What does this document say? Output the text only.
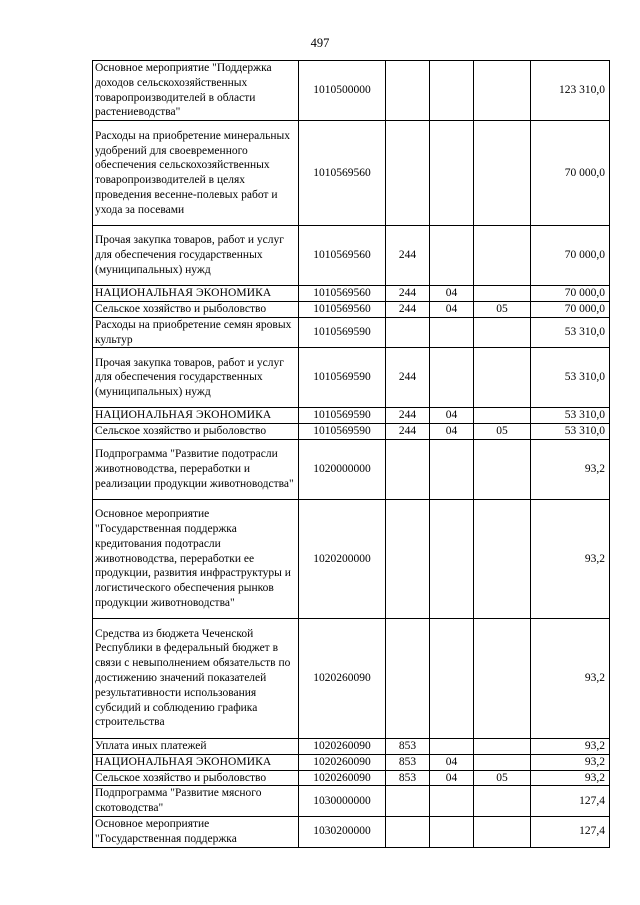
497
Основное мероприятие "Поддержка доходов сельскохозяйственных товаропроизводителей в области растениеводства"	1010500000				123 310,0
Расходы на приобретение минеральных удобрений для своевременного обеспечения сельскохозяйственных товаропроизводителей в целях проведения весенне-полевых работ и ухода за посевами	1010569560				70 000,0
Прочая закупка товаров, работ и услуг для обеспечения государственных (муниципальных) нужд	1010569560	244			70 000,0
НАЦИОНАЛЬНАЯ ЭКОНОМИКА	1010569560	244	04		70 000,0
Сельское хозяйство и рыболовство	1010569560	244	04	05	70 000,0
Расходы на приобретение семян яровых культур	1010569590				53 310,0
Прочая закупка товаров, работ и услуг для обеспечения государственных (муниципальных) нужд	1010569590	244			53 310,0
НАЦИОНАЛЬНАЯ ЭКОНОМИКА	1010569590	244	04		53 310,0
Сельское хозяйство и рыболовство	1010569590	244	04	05	53 310,0
Подпрограмма "Развитие подотрасли животноводства, переработки и реализации продукции животноводства"	1020000000				93,2
Основное мероприятие "Государственная поддержка кредитования подотрасли животноводства, переработки ее продукции, развития инфраструктуры и логистического обеспечения рынков продукции животноводства"	1020200000				93,2
Средства из бюджета Чеченской Республики в федеральный бюджет в связи с невыполнением обязательств по достижению значений показателей результативности использования субсидий и соблюдению графика строительства	1020260090				93,2
Уплата иных платежей	1020260090	853			93,2
НАЦИОНАЛЬНАЯ ЭКОНОМИКА	1020260090	853	04		93,2
Сельское хозяйство и рыболовство	1020260090	853	04	05	93,2
Подпрограмма "Развитие мясного скотоводства"	1030000000				127,4
Основное мероприятие "Государственная поддержка	1030200000				127,4
